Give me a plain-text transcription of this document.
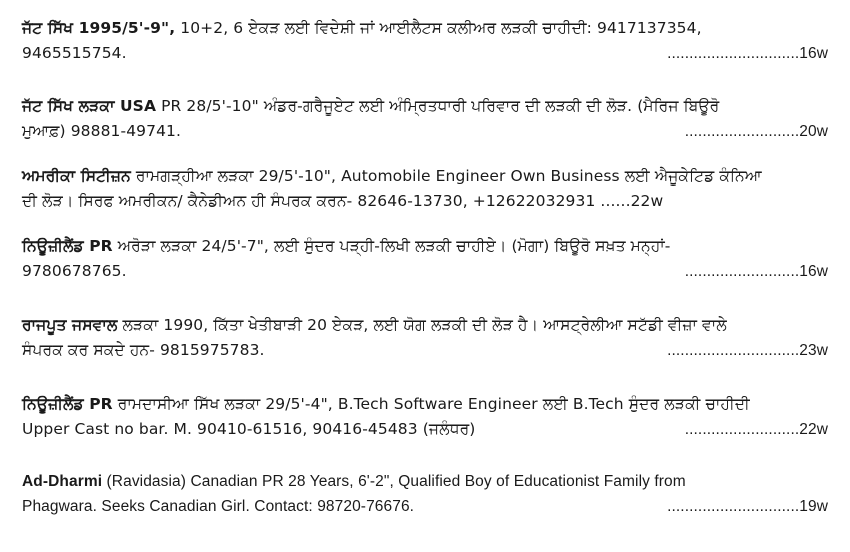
ਜੱਟ ਸਿੱਖ 1995/5'-9", 10+2, 6 ਏਕੜ ਲਈ ਵਿਦੇਸ਼ੀ ਜਾਂ ਆਈਲੈਟਸ ਕਲੀਅਰ ਲੜਕੀ ਚਾਹੀਦੀ: 9417137354,
9465515754.	..............................16w
ਜੱਟ ਸਿੱਖ ਲੜਕਾ USA PR 28/5'-10" ਅੰਡਰ-ਗਰੈਜੂਏਟ ਲਈ ਅੰਮ੍ਰਿਤਧਾਰੀ ਪਰਿਵਾਰ ਦੀ ਲੜਕੀ ਦੀ ਲੋੜ. (ਮੈਰਿਜ ਬਿਊਰੋ
ਮੁਆਫ਼) 98881-49741.	..........................20w
ਅਮਰੀਕਾ ਸਿਟੀਜ਼ਨ ਰਾਮਗੜ੍ਹੀਆ ਲੜਕਾ 29/5'-10", Automobile Engineer Own Business ਲਈ ਐਜੂਕੇਟਿਡ ਕੰਨਿਆ
ਦੀ ਲੋੜ। ਸਿਰਫ ਅਮਰੀਕਨ/ ਕੈਨੇਡੀਅਨ ਹੀ ਸੰਪਰਕ ਕਰਨ- 82646-13730, +12622032931 ......22w
ਨਿਊਜ਼ੀਲੈਂਡ PR ਅਰੋੜਾ ਲੜਕਾ 24/5'-7", ਲਈ ਸੁੰਦਰ ਪੜ੍ਹੀ-ਲਿਖੀ ਲੜਕੀ ਚਾਹੀਏ। (ਮੋਗਾ) ਬਿਊਰੋ ਸਖ਼ਤ ਮਨ੍ਹਾਂ-
9780678765.	..........................16w
ਰਾਜਪੂਤ ਜਸਵਾਲ ਲੜਕਾ 1990, ਕਿੱਤਾ ਖੇਤੀਬਾੜੀ 20 ਏਕੜ, ਲਈ ਯੋਗ ਲੜਕੀ ਦੀ ਲੋੜ ਹੈ। ਆਸਟ੍ਰੇਲੀਆ ਸਟੱਡੀ ਵੀਜ਼ਾ ਵਾਲੇ
ਸੰਪਰਕ ਕਰ ਸਕਦੇ ਹਨ- 9815975783.	..............................23w
ਨਿਊਜ਼ੀਲੈਂਡ PR ਰਾਮਦਾਸੀਆ ਸਿੱਖ ਲੜਕਾ 29/5'-4", B.Tech Software Engineer ਲਈ B.Tech ਸੁੰਦਰ ਲੜਕੀ ਚਾਹੀਦੀ
Upper Cast no bar. M. 90410-61516, 90416-45483 (ਜਲੰਧਰ)	..........................22w
Ad-Dharmi (Ravidasia) Canadian PR 28 Years, 6'-2", Qualified Boy of Educationist Family from
Phagwara. Seeks Canadian Girl. Contact: 98720-76676.	..............................19w
